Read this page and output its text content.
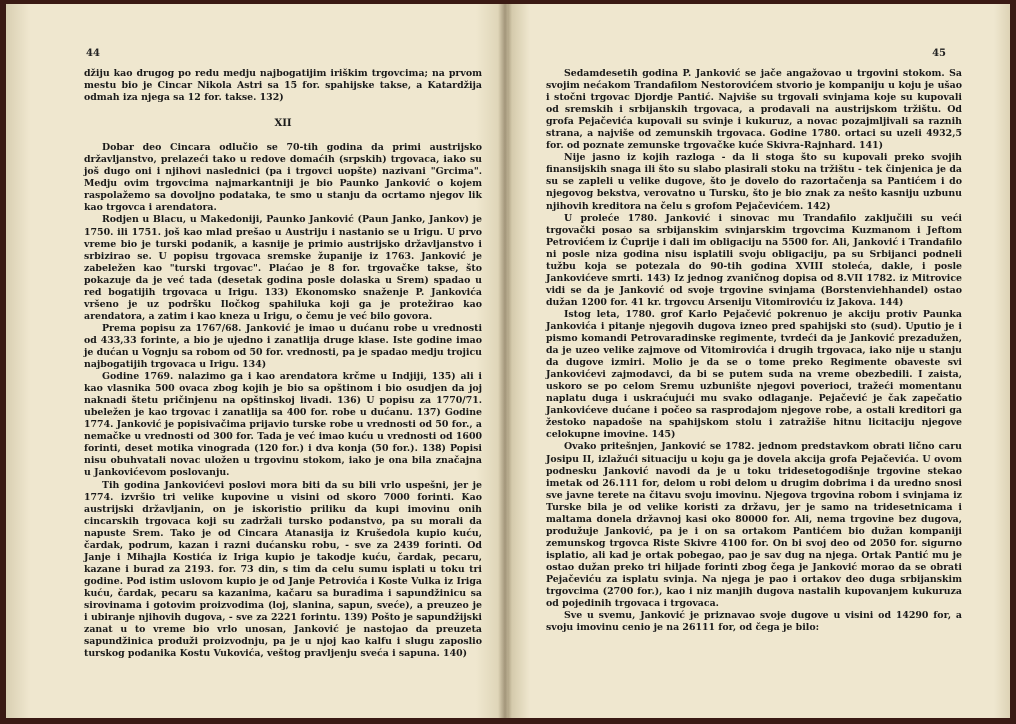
44

džiju kao drugog po redu medju najbogatijim iriškim trgovcima; na prvom mestu bio je Cincar Nikola Astri sa 15 for. spahijske takse, a Katardžija odmah iza njega sa 12 for. takse. 132)

XII

Dobar deo Cincara odlučio se 70-tih godina da primi austrijsko državljanstvo, prelazeći tako u redove domaćih (srpskih) trgovaca, iako su još dugo oni i njihovi naslednici (pa i trgovci uopšte) nazivani "Grcima". Medju ovim trgovcima najmarkantniji je bio Paunko Janković o kojem raspolažemo sa dovoljno podataka, te smo u stanju da ocrtamo njegov lik kao trgovca i arendatora.

Rodjen u Blacu, u Makedoniji, Paunko Janković (Paun Janko, Jankov) je 1750. ili 1751. još kao mlad prešao u Austriju i nastanio se u Irigu. U prvo vreme bio je turski podanik, a kasnije je primio austrijsko državljanstvo i srbizirao se. U popisu trgovaca sremske županije iz 1763. Janković je zabeležen kao "turski trgovac". Plaćao je 8 for. trgovačke takse, što pokazuje da je već tada (desetak godina posle dolaska u Srem) spadao u red bogatijih trgovaca u Irigu. 133) Ekonomsko snaženje P. Jankovića vršeno je uz podršku Iločkog spahiluka koji ga je protežirao kao arendatora, a zatim i kao kneza u Irigu, o čemu je već bilo govora.

Prema popisu za 1767/68. Janković je imao u dućanu robe u vrednosti od 433,33 forinte, a bio je ujedno i zanatlija druge klase. Iste godine imao je dućan u Vognju sa robom od 50 for. vrednosti, pa je spadao medju trojicu najbogatijih trgovaca u Irigu. 134)

Godine 1769. nalazimo ga i kao arendatora krčme u Indjiji, 135) ali i kao vlasnika 500 ovaca zbog kojih je bio sa opštinom i bio osudjen da joj naknadi štetu pričinjenu na opštinskoj livadi. 136) U popisu za 1770/71. ubeležen je kao trgovac i zanatlija sa 400 for. robe u dućanu. 137) Godine 1774. Janković je popisivačima prijavio turske robe u vrednosti od 50 for., a nemačke u vrednosti od 300 for. Tada je već imao kuću u vrednosti od 1600 forinti, deset motika vinograda (120 for.) i dva konja (50 for.). 138) Popisi nisu obuhvatali novac uložen u trgovinu stokom, iako je ona bila značajna u Jankovićevom poslovanju.

Tih godina Jankovićevi poslovi mora biti da su bili vrlo uspešni, jer je 1774. izvršio tri velike kupovine u visini od skoro 7000 forinti. Kao austrijski državljanin, on je iskoristio priliku da kupi imovinu onih cincarskih trgovaca koji su zadržali tursko podanstvo, pa su morali da napuste Srem. Tako je od Cincara Atanasija iz Krušedola kupio kuću, čardak, podrum, kazan i razni dućansku robu, - sve za 2439 forinti. Od Janje i Mihajla Kostića iz Iriga kupio je takodje kuću, čardak, pecaru, kazane i burad za 2193. for. 73 din, s tim da celu sumu isplati u toku tri godine. Pod istim uslovom kupio je od Janje Petrovića i Koste Vulka iz Iriga kuću, čardak, pecaru sa kazanima, kačaru sa buradima i sapundžinicu sa sirovinama i gotovim proizvodima (loj, slanina, sapun, sveće), a preuzeo je i ubiranje njihovih dugova, - sve za 2221 forintu. 139) Pošto je sapundžijski zanat u to vreme bio vrlo unosan, Janković je nastojao da preuzeta sapundžinica produži proizvodnju, pa je u njoj kao kalfu i slugu zaposlio turskog podanika Kostu Vukovića, veštog pravljenju sveća i sapuna. 140)

45

Sedamdesetih godina P. Janković se jače angažovao u trgovini stokom. Sa svojim nećakom Trandafilom Nestorovićem stvorio je kompaniju u koju je ušao i stočni trgovac Djordje Pantić. Najviše su trgovali svinjama koje su kupovali od sremskih i srbijanskih trgovaca, a prodavali na austrijskom tržištu. Od grofa Pejačevića kupovali su svinje i kukuruz, a novac pozajmljivali sa raznih strana, a najviše od zemunskih trgovaca. Godine 1780. ortaci su uzeli 4932,5 for. od poznate zemunske trgovačke kuće Skivra-Rajnhard. 141)

Nije jasno iz kojih razloga - da li stoga što su kupovali preko svojih finansijskih snaga ili što su slabo plasirali stoku na tržištu - tek činjenica je da su se zapleli u velike dugove, što je dovelo do razortačenja sa Pantićem i do njegovog bekstva, verovatno u Tursku, što je bio znak za nešto kasniju uzbunu njihovih kreditora na čelu s grofom Pejačevićem. 142)

U proleće 1780. Janković i sinovac mu Trandafilo zaključili su veći trgovački posao sa srbijanskim svinjarskim trgovcima Kuzmanom i Jeftom Petrovićem iz Ćuprije i dali im obligaciju na 5500 for. Ali, Janković i Trandafilo ni posle niza godina nisu isplatili svoju obligaciju, pa su Srbijanci podneli tužbu koja se potezala do 90-tih godina XVIII stoleća, dakle, i posle Jankovićeve smrti. 143) Iz jednog zvaničnog dopisa od 8.VII 1782. iz Mitrovice vidi se da je Janković od svoje trgovine svinjama (Borstenviehhandel) ostao dužan 1200 for. 41 kr. trgovcu Arseniju Vitomiroviću iz Jakova. 144)

Istog leta, 1780. grof Karlo Pejačević pokrenuo je akciju protiv Paunka Jankovića i pitanje njegovih dugova izneo pred spahijski sto (sud). Uputio je i pismo komandi Petrovaradinske regimente, tvrdeći da je Janković prezadužen, da je uzeo velike zajmove od Vitomirovića i drugih trgovaca, iako nije u stanju da dugove izmiri. Molio je da se o tome preko Regimente obaveste svi Jankovićevi zajmodavci, da bi se putem suda na vreme obezbedili. I zaista, uskoro se po celom Sremu uzbunište njegovi poverioci, tražeći momentanu naplatu duga i uskraćujući mu svako odlaganje. Pejačević je čak zapečatio Jankovićeve dućane i počeo sa rasprodajom njegove robe, a ostali kreditori ga žestoko napadoše na spahijskom stolu i zatražiše hitnu licitaciju njegove celokupne imovine. 145)

Ovako pritešnjen, Janković se 1782. jednom predstavkom obrati lično caru Josipu II, izlažući situaciju u koju ga je dovela akcija grofa Pejačevića. U ovom podnesku Janković navodi da je u toku tridesetogodišnje trgovine stekao imetak od 26.111 for, delom u robi delom u drugim dobrima i da uredno snosi sve javne terete na čitavu svoju imovinu. Njegova trgovina robom i svinjama iz Turske bila je od velike koristi za državu, jer je samo na tridesetnicama i maltama donela državnoj kasi oko 80000 for. Ali, nema trgovine bez dugova, produžuje Janković, pa je i on sa ortakom Pantićem bio dužan kompaniji zemunskog trgovca Riste Skivre 4100 for. On bi svoj deo od 2050 for. sigurno isplatio, ali kad je ortak pobegao, pao je sav dug na njega. Ortak Pantić mu je ostao dužan preko tri hiljade forinti zbog čega je Janković morao da se obrati Pejačeviću za isplatu svinja. Na njega je pao i ortakov deo duga srbijanskim trgovcima (2700 for.), kao i niz manjih dugova nastalih kupovanjem kukuruza od pojedinih trgovaca i trgovaca.

Sve u svemu, Janković je priznavao svoje dugove u visini od 14290 for, a svoju imovinu cenio je na 26111 for, od čega je bilo:
